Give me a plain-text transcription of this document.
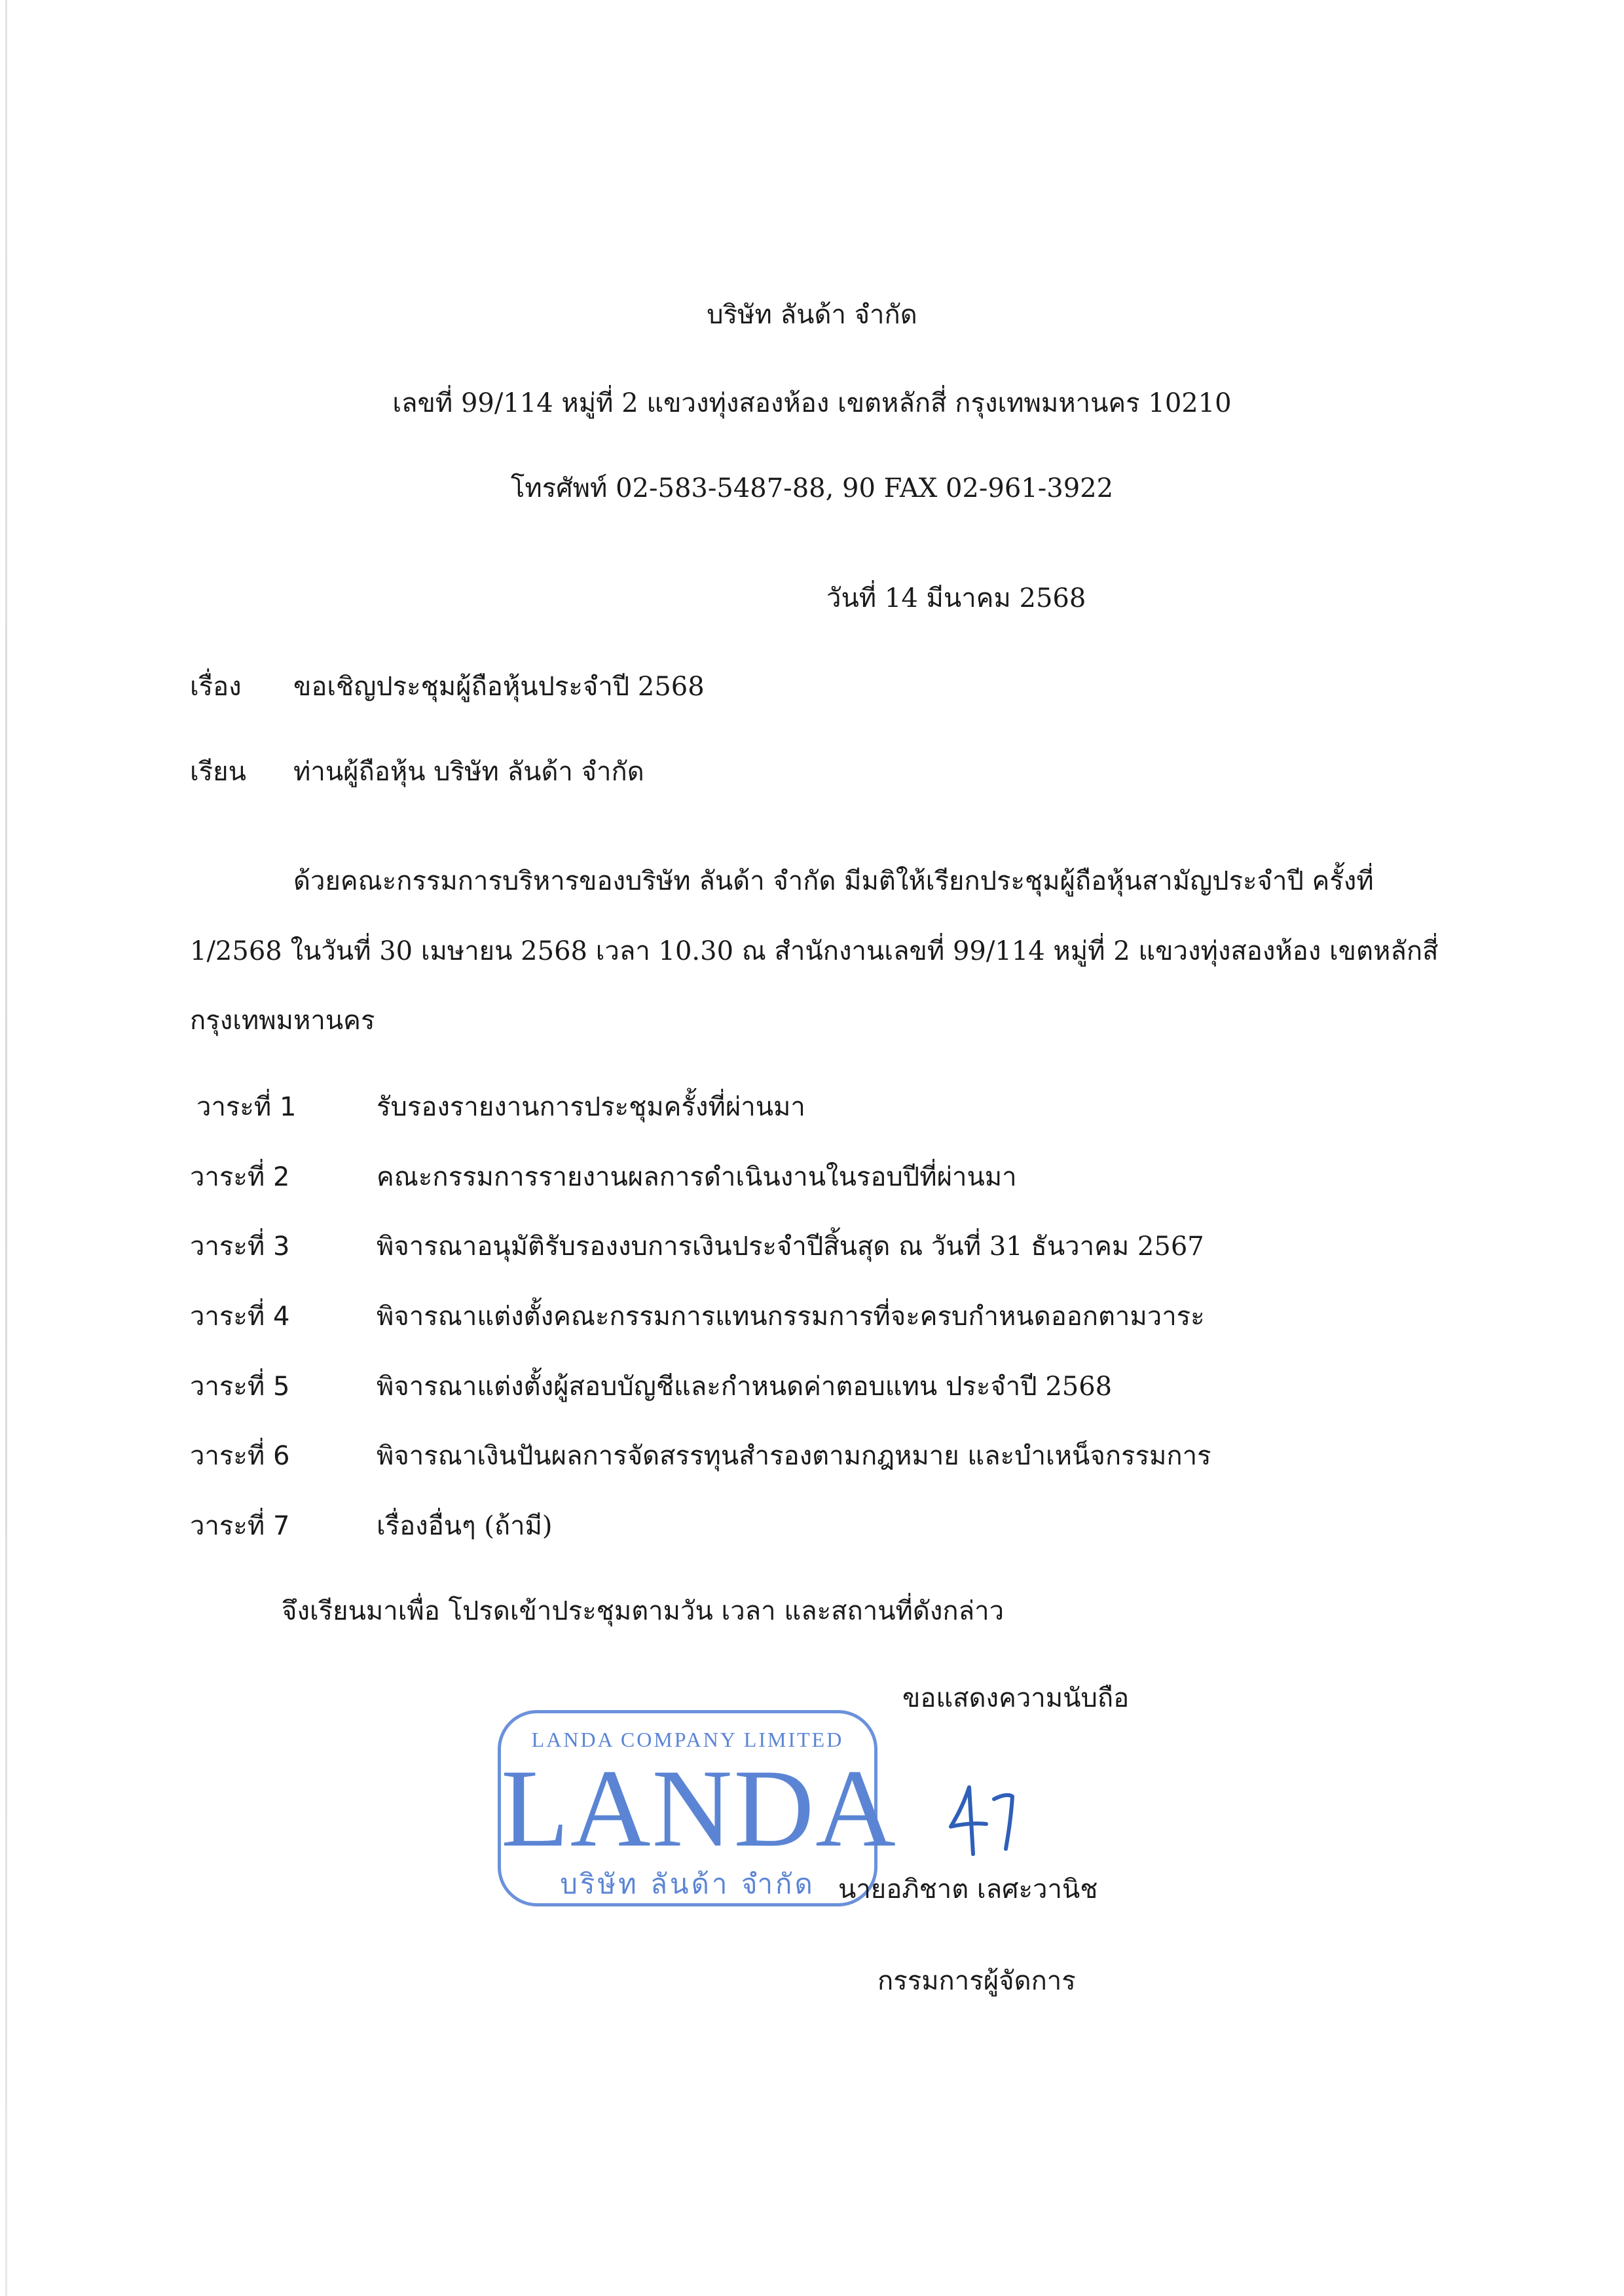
บริษัท ลันด้า จำกัด
เลขที่ 99/114 หมู่ที่ 2 แขวงทุ่งสองห้อง เขตหลักสี่ กรุงเทพมหานคร 10210
โทรศัพท์ 02-583-5487-88, 90 FAX 02-961-3922
วันที่ 14 มีนาคม 2568
เรื่อง ขอเชิญประชุมผู้ถือหุ้นประจำปี 2568
เรียน ท่านผู้ถือหุ้น บริษัท ลันด้า จำกัด
ด้วยคณะกรรมการบริหารของบริษัท ลันด้า จำกัด มีมติให้เรียกประชุมผู้ถือหุ้นสามัญประจำปี ครั้งที่
1/2568 ในวันที่ 30 เมษายน 2568 เวลา 10.30 ณ สำนักงานเลขที่ 99/114 หมู่ที่ 2 แขวงทุ่งสองห้อง เขตหลักสี่
กรุงเทพมหานคร
วาระที่ 1	รับรองรายงานการประชุมครั้งที่ผ่านมา
วาระที่ 2	คณะกรรมการรายงานผลการดำเนินงานในรอบปีที่ผ่านมา
วาระที่ 3	พิจารณาอนุมัติรับรองงบการเงินประจำปีสิ้นสุด ณ วันที่ 31 ธันวาคม 2567
วาระที่ 4	พิจารณาแต่งตั้งคณะกรรมการแทนกรรมการที่จะครบกำหนดออกตามวาระ
วาระที่ 5	พิจารณาแต่งตั้งผู้สอบบัญชีและกำหนดค่าตอบแทน ประจำปี 2568
วาระที่ 6	พิจารณาเงินปันผลการจัดสรรทุนสำรองตามกฎหมาย และบำเหน็จกรรมการ
วาระที่ 7	เรื่องอื่นๆ (ถ้ามี)
จึงเรียนมาเพื่อ โปรดเข้าประชุมตามวัน เวลา และสถานที่ดังกล่าว
ขอแสดงความนับถือ
LANDA COMPANY LIMITED
LANDA
บริษัท ลันด้า จำกัด นายอภิชาต เลศะวานิช
กรรมการผู้จัดการ
